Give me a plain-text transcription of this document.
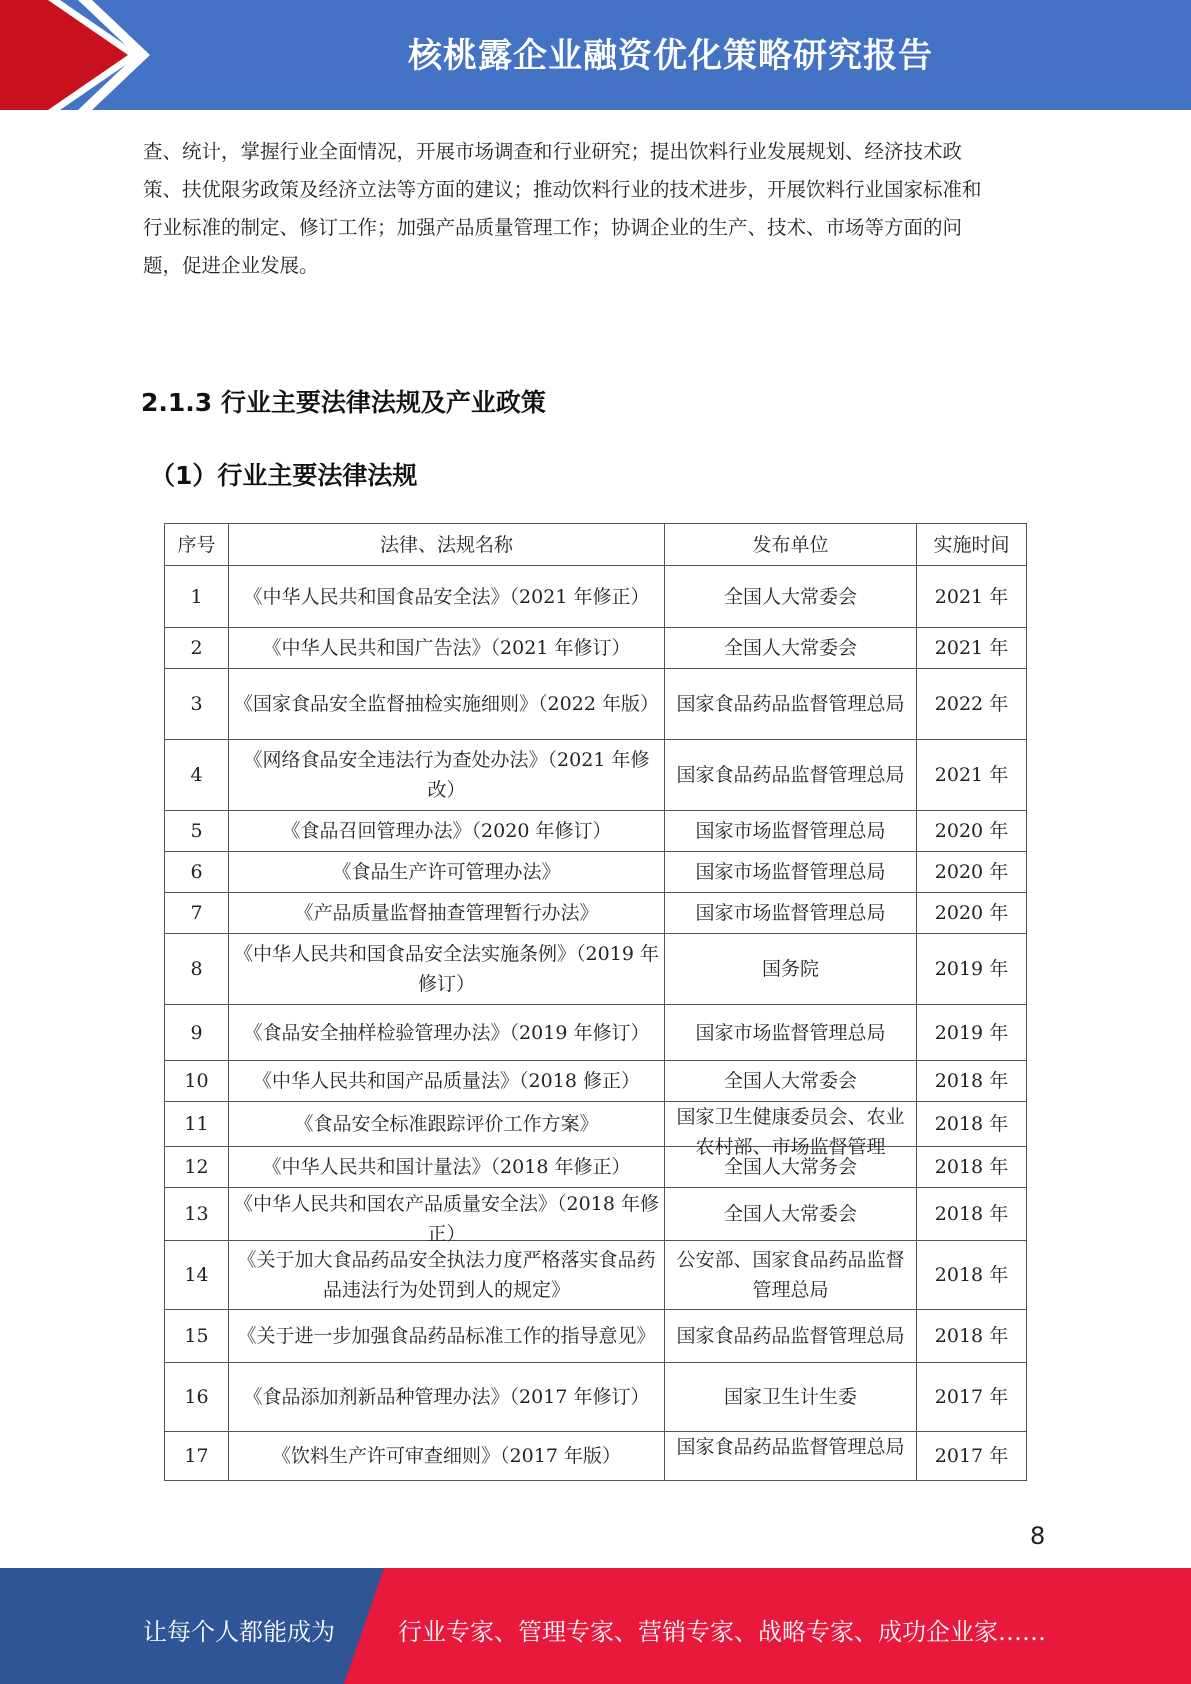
核桃露企业融资优化策略研究报告
查、统计，掌握行业全面情况，开展市场调查和行业研究；提出饮料行业发展规划、经济技术政
策、扶优限劣政策及经济立法等方面的建议；推动饮料行业的技术进步，开展饮料行业国家标准和
行业标准的制定、修订工作；加强产品质量管理工作；协调企业的生产、技术、市场等方面的问
题，促进企业发展。
2.1.3 行业主要法律法规及产业政策
（1）行业主要法律法规
序号	法律、法规名称	发布单位	实施时间
1	《中华人民共和国食品安全法》（2021 年修正）	全国人大常委会	2021 年
2	《中华人民共和国广告法》（2021 年修订）	全国人大常委会	2021 年
3	《国家食品安全监督抽检实施细则》（2022 年版）	国家食品药品监督管理总局	2022 年
4	《网络食品安全违法行为查处办法》（2021 年修改）	国家食品药品监督管理总局	2021 年
5	《食品召回管理办法》（2020 年修订）	国家市场监督管理总局	2020 年
6	《食品生产许可管理办法》	国家市场监督管理总局	2020 年
7	《产品质量监督抽查管理暂行办法》	国家市场监督管理总局	2020 年
8	《中华人民共和国食品安全法实施条例》（2019 年修订）	国务院	2019 年
9	《食品安全抽样检验管理办法》（2019 年修订）	国家市场监督管理总局	2019 年
10	《中华人民共和国产品质量法》（2018 修正）	全国人大常委会	2018 年
11	《食品安全标准跟踪评价工作方案》	国家卫生健康委员会、农业农村部、市场监督管理	2018 年
12	《中华人民共和国计量法》（2018 年修正）	全国人大常务会	2018 年
13	《中华人民共和国农产品质量安全法》（2018 年修正）	全国人大常委会	2018 年
14	《关于加大食品药品安全执法力度严格落实食品药品违法行为处罚到人的规定》	公安部、国家食品药品监督管理总局	2018 年
15	《关于进一步加强食品药品标准工作的指导意见》	国家食品药品监督管理总局	2018 年
16	《食品添加剂新品种管理办法》（2017 年修订）	国家卫生计生委	2017 年
17	《饮料生产许可审查细则》（2017 年版）	国家食品药品监督管理总局	2017 年
8
让每个人都能成为	行业专家、管理专家、营销专家、战略专家、成功企业家……
